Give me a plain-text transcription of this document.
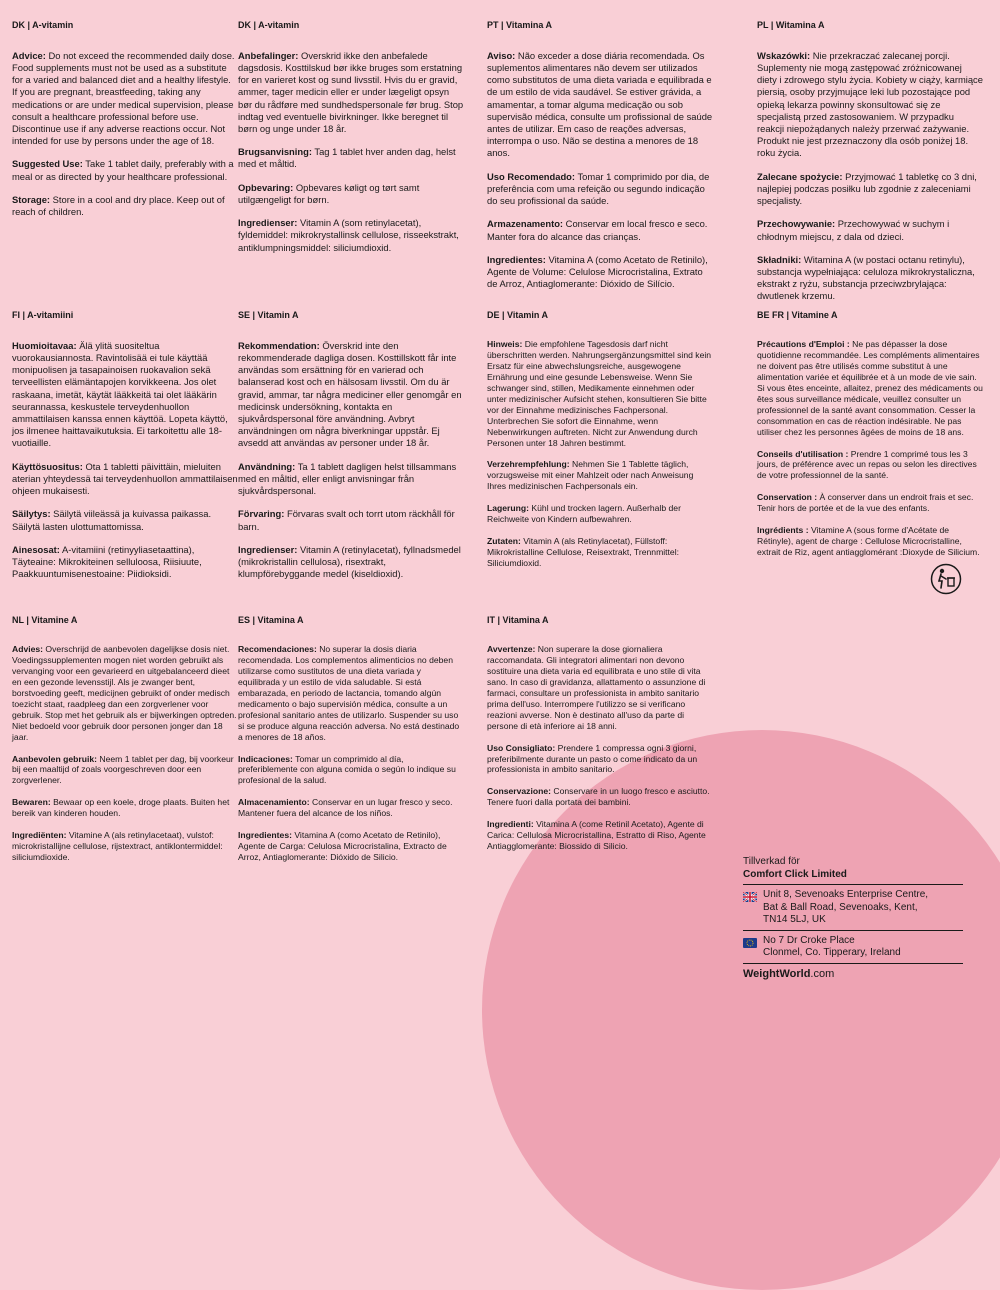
DK | A-vitamin
Advice: Do not exceed the recommended daily dose. Food supplements must not be used as a substitute for a varied and balanced diet and a healthy lifestyle. If you are pregnant, breastfeeding, taking any medications or are under medical supervision, please consult a healthcare professional before use. Discontinue use if any adverse reactions occur. Not intended for use by persons under the age of 18.
Suggested Use: Take 1 tablet daily, preferably with a meal or as directed by your healthcare professional.
Storage: Store in a cool and dry place. Keep out of reach of children.
DK | A-vitamin
Anbefalinger: Overskrid ikke den anbefalede dagsdosis. Kosttilskud bør ikke bruges som erstatning for en varieret kost og sund livsstil. Hvis du er gravid, ammer, tager medicin eller er under lægeligt opsyn bør du rådføre med sundhedspersonale før brug. Stop indtag ved eventuelle bivirkninger. Ikke beregnet til børn og unge under 18 år.
Brugsanvisning: Tag 1 tablet hver anden dag, helst med et måltid.
Opbevaring: Opbevares køligt og tørt samt utilgængeligt for børn.
Ingredienser: Vitamin A (som retinylacetat), fyldemiddel: mikrokrystallinsk cellulose, risseekstrakt, antiklumpningsmiddel: siliciumdioxid.
PT | Vitamina A
Aviso: Não exceder a dose diária recomendada. Os suplementos alimentares não devem ser utilizados como substitutos de uma dieta variada e equilibrada e de um estilo de vida saudável. Se estiver grávida, a amamentar, a tomar alguma medicação ou sob supervisão médica, consulte um profissional de saúde antes de utilizar. Em caso de reações adversas, interrompa o uso. Não se destina a menores de 18 anos.
Uso Recomendado: Tomar 1 comprimido por dia, de preferência com uma refeição ou segundo indicação do seu profissional da saúde.
Armazenamento: Conservar em local fresco e seco. Manter fora do alcance das crianças.
Ingredientes: Vitamina A (como Acetato de Retinilo), Agente de Volume: Celulose Microcristalina, Extrato de Arroz, Antiaglomerante: Dióxido de Silício.
PL | Witamina A
Wskazówki: Nie przekraczać zalecanej porcji. Suplementy nie mogą zastępować zróżnicowanej diety i zdrowego stylu życia. Kobiety w ciąży, karmiące piersią, osoby przyjmujące leki lub pozostające pod opieką lekarza powinny skonsultować się ze specjalistą przed zastosowaniem. W przypadku reakcji niepożądanych należy przerwać zażywanie. Produkt nie jest przeznaczony dla osób poniżej 18. roku życia.
Zalecane spożycie: Przyjmować 1 tabletkę co 3 dni, najlepiej podczas posiłku lub zgodnie z zaleceniami specjalisty.
Przechowywanie: Przechowywać w suchym i chłodnym miejscu, z dala od dzieci.
Składniki: Witamina A (w postaci octanu retinylu), substancja wypełniająca: celuloza mikrokrystaliczna, ekstrakt z ryżu, substancja przeciwzbrylająca: dwutlenek krzemu.
FI | A-vitamiini
Huomioitavaa: Älä ylitä suositeltua vuorokausiannosta. Ravintolisää ei tule käyttää monipuolisen ja tasapainoisen ruokavalion sekä terveellisten elämäntapojen korvikkeena. Jos olet raskaana, imetät, käytät lääkkeitä tai olet lääkärin seurannassa, keskustele terveydenhuollon ammattilaisen kanssa ennen käyttöä. Lopeta käyttö, jos ilmenee haittavaikutuksia. Ei tarkoitettu alle 18-vuotiaille.
Käyttösuositus: Ota 1 tabletti päivittäin, mieluiten aterian yhteydessä tai terveydenhuollon ammattilaisen ohjeen mukaisesti.
Säilytys: Säilytä viileässä ja kuivassa paikassa. Säilytä lasten ulottumattomissa.
Ainesosat: A-vitamiini (retinyyliasetaattina), Täyteaine: Mikrokiteinen selluloosa, Riisiuute, Paakkuuntumisenestoaine: Piidioksidi.
SE | Vitamin A
Rekommendation: Överskrid inte den rekommenderade dagliga dosen. Kosttillskott får inte användas som ersättning för en varierad och balanserad kost och en hälsosam livsstil. Om du är gravid, ammar, tar några mediciner eller genomgår en medicinsk undersökning, kontakta en sjukvårdspersonal före användning. Avbryt användningen om några biverkningar uppstår. Ej avsedd att användas av personer under 18 år.
Användning: Ta 1 tablett dagligen helst tillsammans med en måltid, eller enligt anvisningar från sjukvårdspersonal.
Förvaring: Förvaras svalt och torrt utom räckhåll för barn.
Ingredienser: Vitamin A (retinylacetat), fyllnadsmedel (mikrokristallin cellulosa), risextrakt, klumpförebyggande medel (kiseldioxid).
DE | Vitamin A
Hinweis: Die empfohlene Tagesdosis darf nicht überschritten werden. Nahrungsergänzungsmittel sind kein Ersatz für eine abwechslungsreiche, ausgewogene Ernährung und eine gesunde Lebensweise. Wenn Sie schwanger sind, stillen, Medikamente einnehmen oder unter medizinischer Aufsicht stehen, konsultieren Sie bitte vor der Einnahme medizinisches Fachpersonal. Unterbrechen Sie sofort die Einnahme, wenn Nebenwirkungen auftreten. Nicht zur Anwendung durch Personen unter 18 Jahren bestimmt.
Verzehrempfehlung: Nehmen Sie 1 Tablette täglich, vorzugsweise mit einer Mahlzeit oder nach Anweisung Ihres medizinischen Fachpersonals ein.
Lagerung: Kühl und trocken lagern. Außerhalb der Reichweite von Kindern aufbewahren.
Zutaten: Vitamin A (als Retinylacetat), Füllstoff: Mikrokristalline Cellulose, Reisextrakt, Trennmittel: Siliciumdioxid.
BE FR | Vitamine A
Précautions d'Emploi : Ne pas dépasser la dose quotidienne recommandée. Les compléments alimentaires ne doivent pas être utilisés comme substitut à une alimentation variée et équilibrée et à un mode de vie sain. Si vous êtes enceinte, allaitez, prenez des médicaments ou êtes sous surveillance médicale, veuillez consulter un professionnel de la santé avant consommation. Cesser la consommation en cas de réaction indésirable. Ne pas utiliser chez les personnes âgées de moins de 18 ans.
Conseils d'utilisation : Prendre 1 comprimé tous les 3 jours, de préférence avec un repas ou selon les directives de votre professionnel de la santé.
Conservation : À conserver dans un endroit frais et sec. Tenir hors de portée et de la vue des enfants.
Ingrédients : Vitamine A (sous forme d'Acétate de Rétinyle), agent de charge : Cellulose Microcristalline, extrait de Riz, agent antiagglomérant :Dioxyde de Silicium.
NL | Vitamine A
Advies: Overschrijd de aanbevolen dagelijkse dosis niet. Voedingssupplementen mogen niet worden gebruikt als vervanging voor een gevarieerd en uitgebalanceerd dieet en een gezonde levensstijl. Als je zwanger bent, borstvoeding geeft, medicijnen gebruikt of onder medisch toezicht staat, raadpleeg dan een zorgverlener voor gebruik. Stop met het gebruik als er bijwerkingen optreden. Niet bedoeld voor gebruik door personen jonger dan 18 jaar.
Aanbevolen gebruik: Neem 1 tablet per dag, bij voorkeur bij een maaltijd of zoals voorgeschreven door een zorgverlener.
Bewaren: Bewaar op een koele, droge plaats. Buiten het bereik van kinderen houden.
Ingrediënten: Vitamine A (als retinylacetaat), vulstof: microkristallijne cellulose, rijstextract, antiklontermiddel: siliciumdioxide.
ES | Vitamina A
Recomendaciones: No superar la dosis diaria recomendada. Los complementos alimenticios no deben utilizarse como sustitutos de una dieta variada y equilibrada y un estilo de vida saludable. Si está embarazada, en periodo de lactancia, tomando algún medicamento o bajo supervisión médica, consulte a un profesional sanitario antes de utilizarlo. Suspender su uso si se produce alguna reacción adversa. No está destinado a menores de 18 años.
Indicaciones: Tomar un comprimido al día, preferiblemente con alguna comida o según lo indique su profesional de la salud.
Almacenamiento: Conservar en un lugar fresco y seco. Mantener fuera del alcance de los niños.
Ingredientes: Vitamina A (como Acetato de Retinilo), Agente de Carga: Celulosa Microcristalina, Extracto de Arroz, Antiaglomerante: Dióxido de Silicio.
IT | Vitamina A
Avvertenze: Non superare la dose giornaliera raccomandata. Gli integratori alimentari non devono sostituire una dieta varia ed equilibrata e uno stile di vita sano. In caso di gravidanza, allattamento o assunzione di farmaci, consultare un professionista in ambito sanitario prima dell'uso. Interrompere l'utilizzo se si verificano reazioni avverse. Non è destinato all'uso da parte di persone di età inferiore ai 18 anni.
Uso Consigliato: Prendere 1 compressa ogni 3 giorni, preferibilmente durante un pasto o come indicato da un professionista in ambito sanitario.
Conservazione: Conservare in un luogo fresco e asciutto. Tenere fuori dalla portata dei bambini.
Ingredienti: Vitamina A (come Retinil Acetato), Agente di Carica: Cellulosa Microcristallina, Estratto di Riso, Agente Antiagglomerante: Biossido di Silicio.
Tillverkad för
Comfort Click Limited
Unit 8, Sevenoaks Enterprise Centre,
Bat & Ball Road, Sevenoaks, Kent,
TN14 5LJ, UK
No 7 Dr Croke Place
Clonmel, Co. Tipperary, Ireland
WeightWorld.com
